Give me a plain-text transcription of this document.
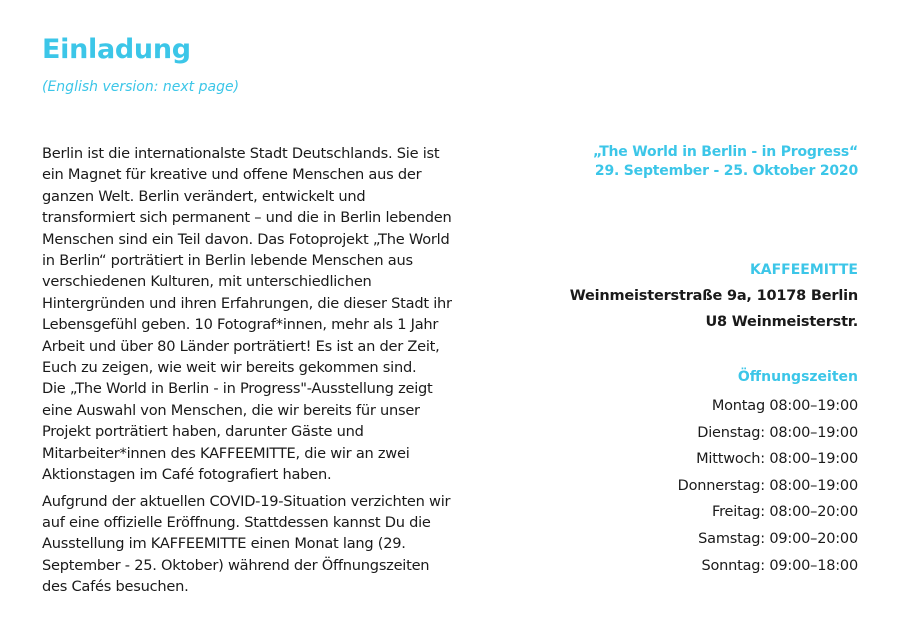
Einladung
(English version: next page)

Berlin ist die internationalste Stadt Deutschlands. Sie ist ein Magnet für kreative und offene Menschen aus der ganzen Welt. Berlin verändert, entwickelt und transformiert sich permanent – und die in Berlin lebenden Menschen sind ein Teil davon. Das Fotoprojekt „The World in Berlin“ porträtiert in Berlin lebende Menschen aus verschiedenen Kulturen, mit unterschiedlichen Hintergründen und ihren Erfahrungen, die dieser Stadt ihr Lebensgefühl geben. 10 Fotograf*innen, mehr als 1 Jahr Arbeit und über 80 Länder porträtiert! Es ist an der Zeit, Euch zu zeigen, wie weit wir bereits gekommen sind.

Die „The World in Berlin - in Progress"-Ausstellung zeigt eine Auswahl von Menschen, die wir bereits für unser Projekt porträtiert haben, darunter Gäste und Mitarbeiter*innen des KAFFEEMITTE, die wir an zwei Aktionstagen im Café fotografiert haben.

Aufgrund der aktuellen COVID-19-Situation verzichten wir auf eine offizielle Eröffnung. Stattdessen kannst Du die Ausstellung im KAFFEEMITTE einen Monat lang (29. September - 25. Oktober) während der Öffnungszeiten des Cafés besuchen.

„The World in Berlin - in Progress“
29. September - 25. Oktober 2020
KAFFEEMITTE
Weinmeisterstraße 9a, 10178 Berlin
U8 Weinmeisterstr.
Öffnungszeiten
Montag 08:00–19:00
Dienstag: 08:00–19:00
Mittwoch: 08:00–19:00
Donnerstag: 08:00–19:00
Freitag: 08:00–20:00
Samstag: 09:00–20:00
Sonntag: 09:00–18:00
